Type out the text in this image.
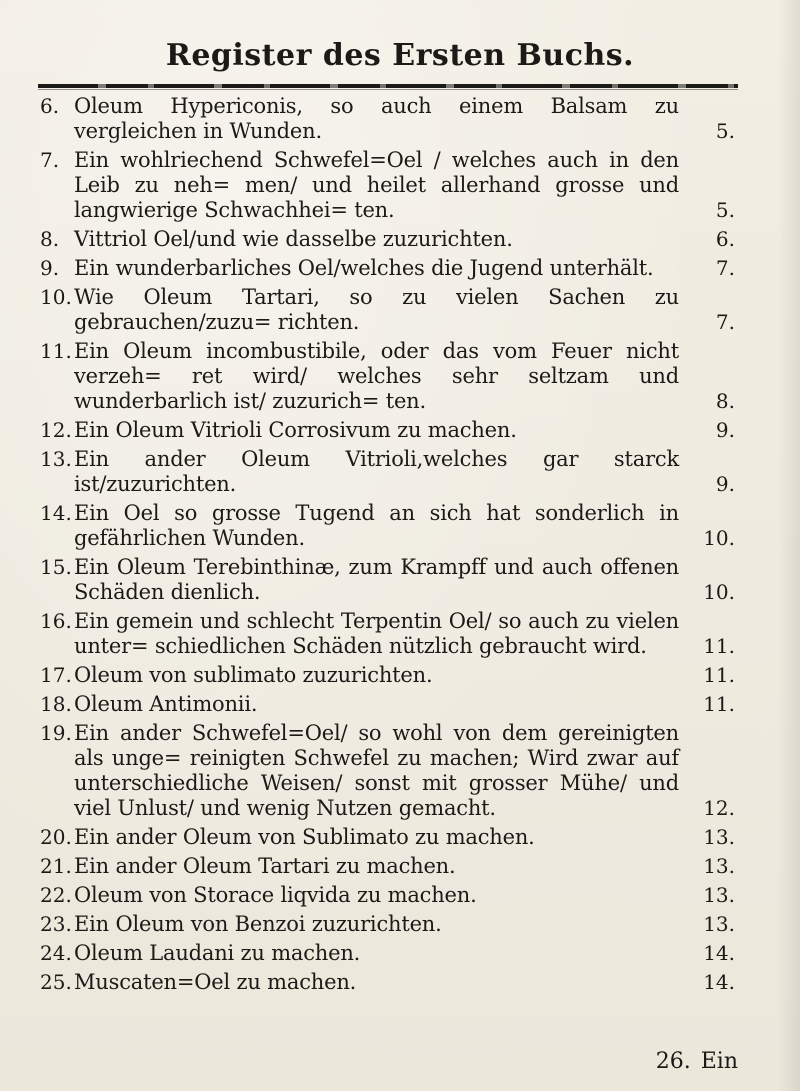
Register des Ersten Buchs.
6. Oleum Hypericonis, so auch einem Balsam zu vergleichen in Wunden.	5.
7. Ein wohlriechend Schwefel=Oel / welches auch in den Leib zu neh= men/ und heilet allerhand grosse und langwierige Schwachhei= ten.	5.
8. Vittriol Oel/und wie dasselbe zuzurichten.	6.
9. Ein wunderbarliches Oel/welches die Jugend unterhält.	7.
10. Wie Oleum Tartari, so zu vielen Sachen zu gebrauchen/zuzu= richten.	7.
11. Ein Oleum incombustibile, oder das vom Feuer nicht verzeh= ret wird/ welches sehr seltzam und wunderbarlich ist/ zuzurich= ten.	8.
12. Ein Oleum Vitrioli Corrosivum zu machen.	9.
13. Ein ander Oleum Vitrioli,welches gar starck ist/zuzurichten.	9.
14. Ein Oel so grosse Tugend an sich hat sonderlich in gefährlichen Wunden.	10.
15. Ein Oleum Terebinthinæ, zum Krampff und auch offenen Schäden dienlich.	10.
16. Ein gemein und schlecht Terpentin Oel/ so auch zu vielen unter= schiedlichen Schäden nützlich gebraucht wird.	11.
17. Oleum von sublimato zuzurichten.	11.
18. Oleum Antimonii.	11.
19. Ein ander Schwefel=Oel/ so wohl von dem gereinigten als unge= reinigten Schwefel zu machen; Wird zwar auf unterschiedliche Weisen/ sonst mit grosser Mühe/ und viel Unlust/ und wenig Nutzen gemacht.	12.
20. Ein ander Oleum von Sublimato zu machen.	13.
21. Ein ander Oleum Tartari zu machen.	13.
22. Oleum von Storace liqvida zu machen.	13.
23. Ein Oleum von Benzoi zuzurichten.	13.
24. Oleum Laudani zu machen.	14.
25. Muscaten=Oel zu machen.	14.
26. Ein
